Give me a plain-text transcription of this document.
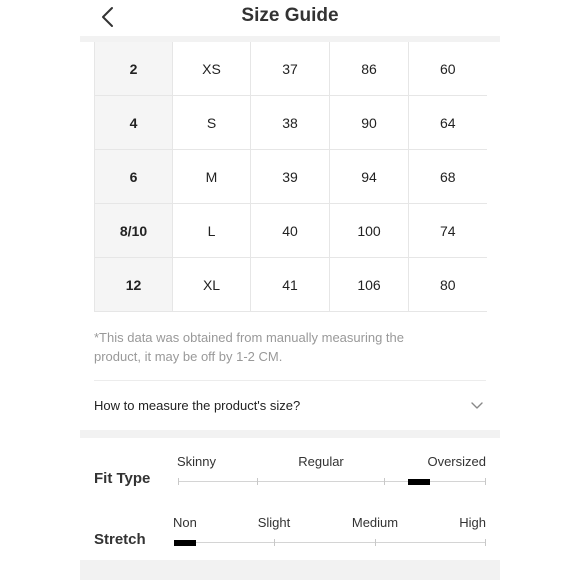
Size Guide
2	XS	37	86	60
4	S	38	90	64
6	M	39	94	68
8/10	L	40	100	74
12	XL	41	106	80
*This data was obtained from manually measuring the product, it may be off by 1-2 CM.
How to measure the product's size?
Fit Type
Skinny	Regular	Oversized
Stretch
Non	Slight	Medium	High
